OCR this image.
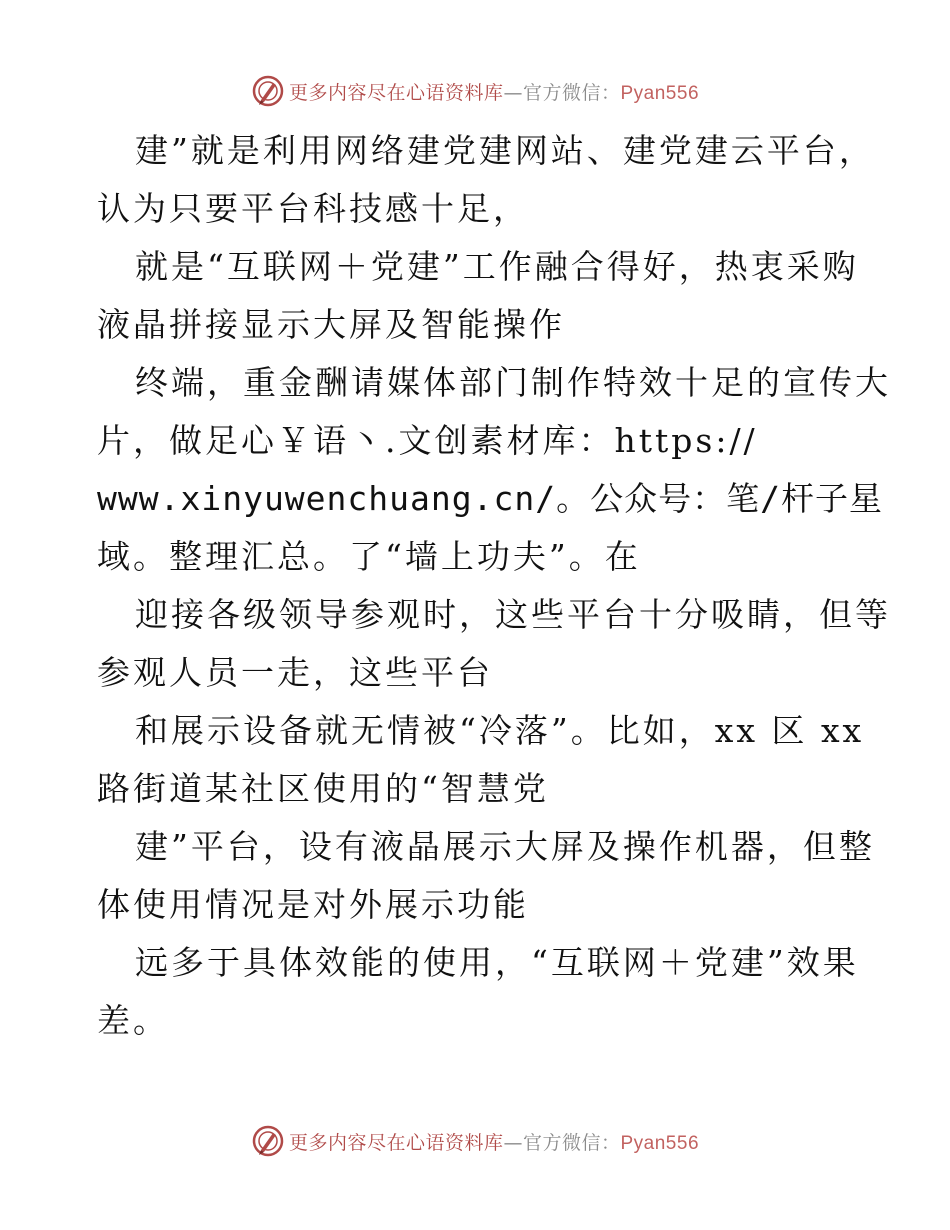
更多内容尽在心语资料库—官方微信：Pyan556
建”就是利用网络建党建网站、建党建云平台，
认为只要平台科技感十足，
就是“互联网＋党建”工作融合得好，热衷采购
液晶拼接显示大屏及智能操作
终端，重金酬请媒体部门制作特效十足的宣传大
片，做足心￥语丶.文创素材库：https://
www.xinyuwenchuang.cn/。公众号：笔/杆子星
域。整理汇总。了“墙上功夫”。在
迎接各级领导参观时，这些平台十分吸睛，但等
参观人员一走，这些平台
和展示设备就无情被“冷落”。比如，xx 区 xx
路街道某社区使用的“智慧党
建”平台，设有液晶展示大屏及操作机器，但整
体使用情况是对外展示功能
远多于具体效能的使用，“互联网＋党建”效果
差。
更多内容尽在心语资料库—官方微信：Pyan556
